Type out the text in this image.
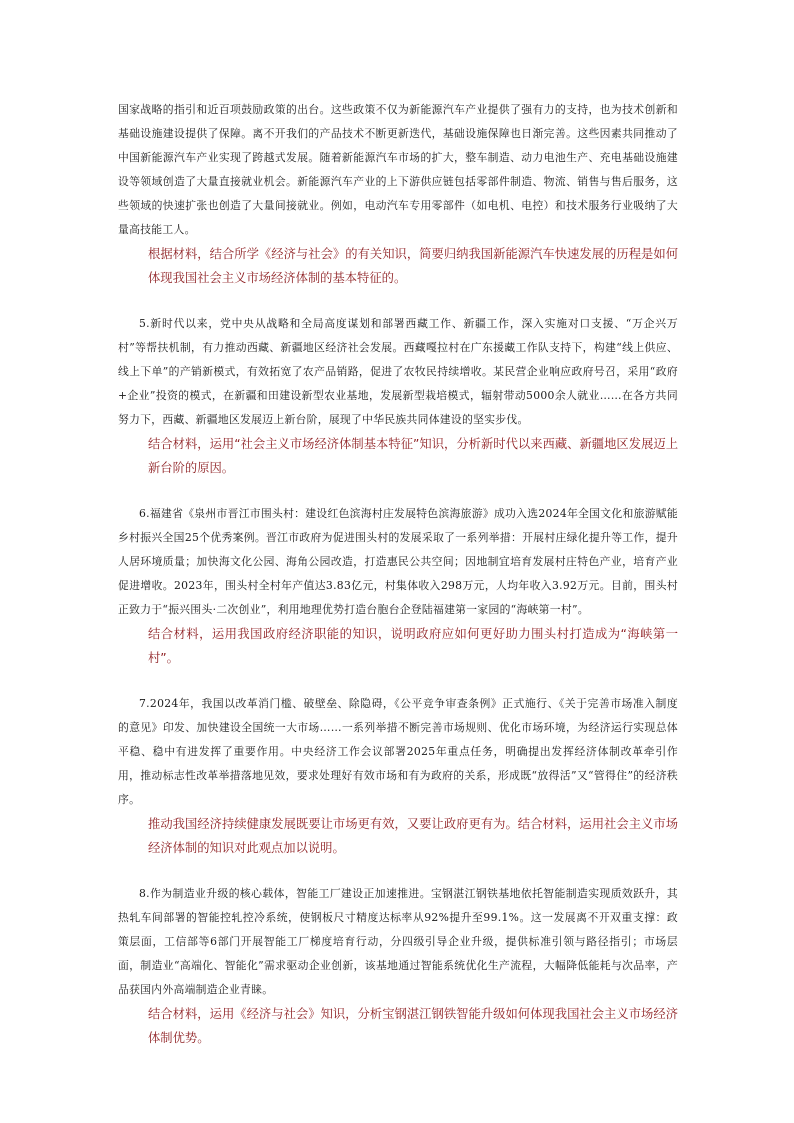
国家战略的指引和近百项鼓励政策的出台。这些政策不仅为新能源汽车产业提供了强有力的支持，也为技术创新和基础设施建设提供了保障。离不开我们的产品技术不断更新迭代，基础设施保障也日渐完善。这些因素共同推动了中国新能源汽车产业实现了跨越式发展。随着新能源汽车市场的扩大，整车制造、动力电池生产、充电基础设施建设等领域创造了大量直接就业机会。新能源汽车产业的上下游供应链包括零部件制造、物流、销售与售后服务，这些领域的快速扩张也创造了大量间接就业。例如，电动汽车专用零部件（如电机、电控）和技术服务行业吸纳了大量高技能工人。

根据材料，结合所学《经济与社会》的有关知识，简要归纳我国新能源汽车快速发展的历程是如何体现我国社会主义市场经济体制的基本特征的。

5.新时代以来，党中央从战略和全局高度谋划和部署西藏工作、新疆工作，深入实施对口支援、“万企兴万村”等帮扶机制，有力推动西藏、新疆地区经济社会发展。西藏嘎拉村在广东援藏工作队支持下，构建“线上供应、线上下单”的产销新模式，有效拓宽了农产品销路，促进了农牧民持续增收。某民营企业响应政府号召，采用“政府+企业”投资的模式，在新疆和田建设新型农业基地，发展新型栽培模式，辐射带动5000余人就业……在各方共同努力下，西藏、新疆地区发展迈上新台阶，展现了中华民族共同体建设的坚实步伐。

结合材料，运用“社会主义市场经济体制基本特征”知识，分析新时代以来西藏、新疆地区发展迈上新台阶的原因。

6.福建省《泉州市晋江市围头村：建设红色滨海村庄发展特色滨海旅游》成功入选2024年全国文化和旅游赋能乡村振兴全国25个优秀案例。晋江市政府为促进围头村的发展采取了一系列举措：开展村庄绿化提升等工作，提升人居环境质量；加快海文化公园、海角公园改造，打造惠民公共空间；因地制宜培育发展村庄特色产业，培育产业促进增收。2023年，围头村全村年产值达3.83亿元，村集体收入298万元，人均年收入3.92万元。目前，围头村正致力于“振兴围头·二次创业”，利用地理优势打造台胞台企登陆福建第一家园的“海峡第一村”。

结合材料，运用我国政府经济职能的知识，说明政府应如何更好助力围头村打造成为“海峡第一村”。

7.2024年，我国以改革消门槛、破壁垒、除隐碍，《公平竞争审查条例》正式施行、《关于完善市场准入制度的意见》印发、加快建设全国统一大市场……一系列举措不断完善市场规则、优化市场环境，为经济运行实现总体平稳、稳中有进发挥了重要作用。中央经济工作会议部署2025年重点任务，明确提出发挥经济体制改革牵引作用，推动标志性改革举措落地见效，要求处理好有效市场和有为政府的关系，形成既“放得活”又“管得住”的经济秩序。

推动我国经济持续健康发展既要让市场更有效，又要让政府更有为。结合材料，运用社会主义市场经济体制的知识对此观点加以说明。

8.作为制造业升级的核心载体，智能工厂建设正加速推进。宝钢湛江钢铁基地依托智能制造实现质效跃升，其热轧车间部署的智能控轧控冷系统，使钢板尺寸精度达标率从92%提升至99.1%。这一发展离不开双重支撑：政策层面，工信部等6部门开展智能工厂梯度培育行动，分四级引导企业升级，提供标准引领与路径指引；市场层面，制造业“高端化、智能化”需求驱动企业创新，该基地通过智能系统优化生产流程，大幅降低能耗与次品率，产品获国内外高端制造企业青睐。

结合材料，运用《经济与社会》知识，分析宝钢湛江钢铁智能升级如何体现我国社会主义市场经济体制优势。
